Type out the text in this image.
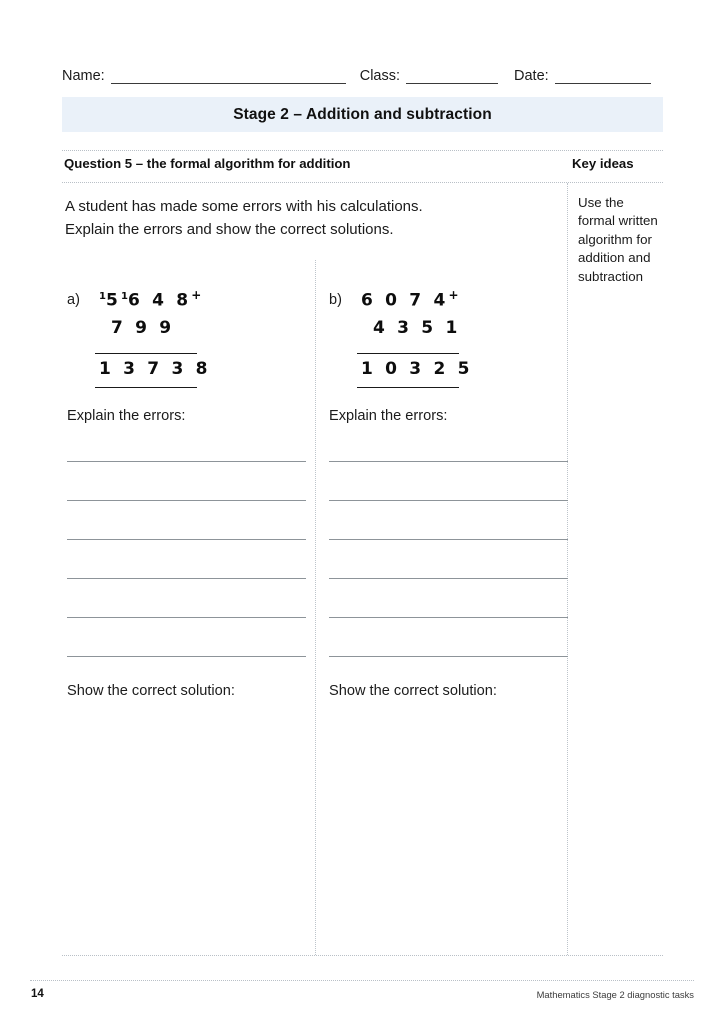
Name:	Class:	Date:
Stage 2 – Addition and subtraction
Question 5 – the formal algorithm for addition	Key ideas
A student has made some errors with his calculations.
Explain the errors and show the correct solutions.
Use the formal written algorithm for addition and subtraction
a) $^15^16$ 4 8+
7 9 9
1 3 7 3 8
Explain the errors:
Show the correct solution:
b) 6 0 7 4+
4 3 5 1
1 0 3 2 5
Explain the errors:
Show the correct solution:
14	Mathematics Stage 2 diagnostic tasks
